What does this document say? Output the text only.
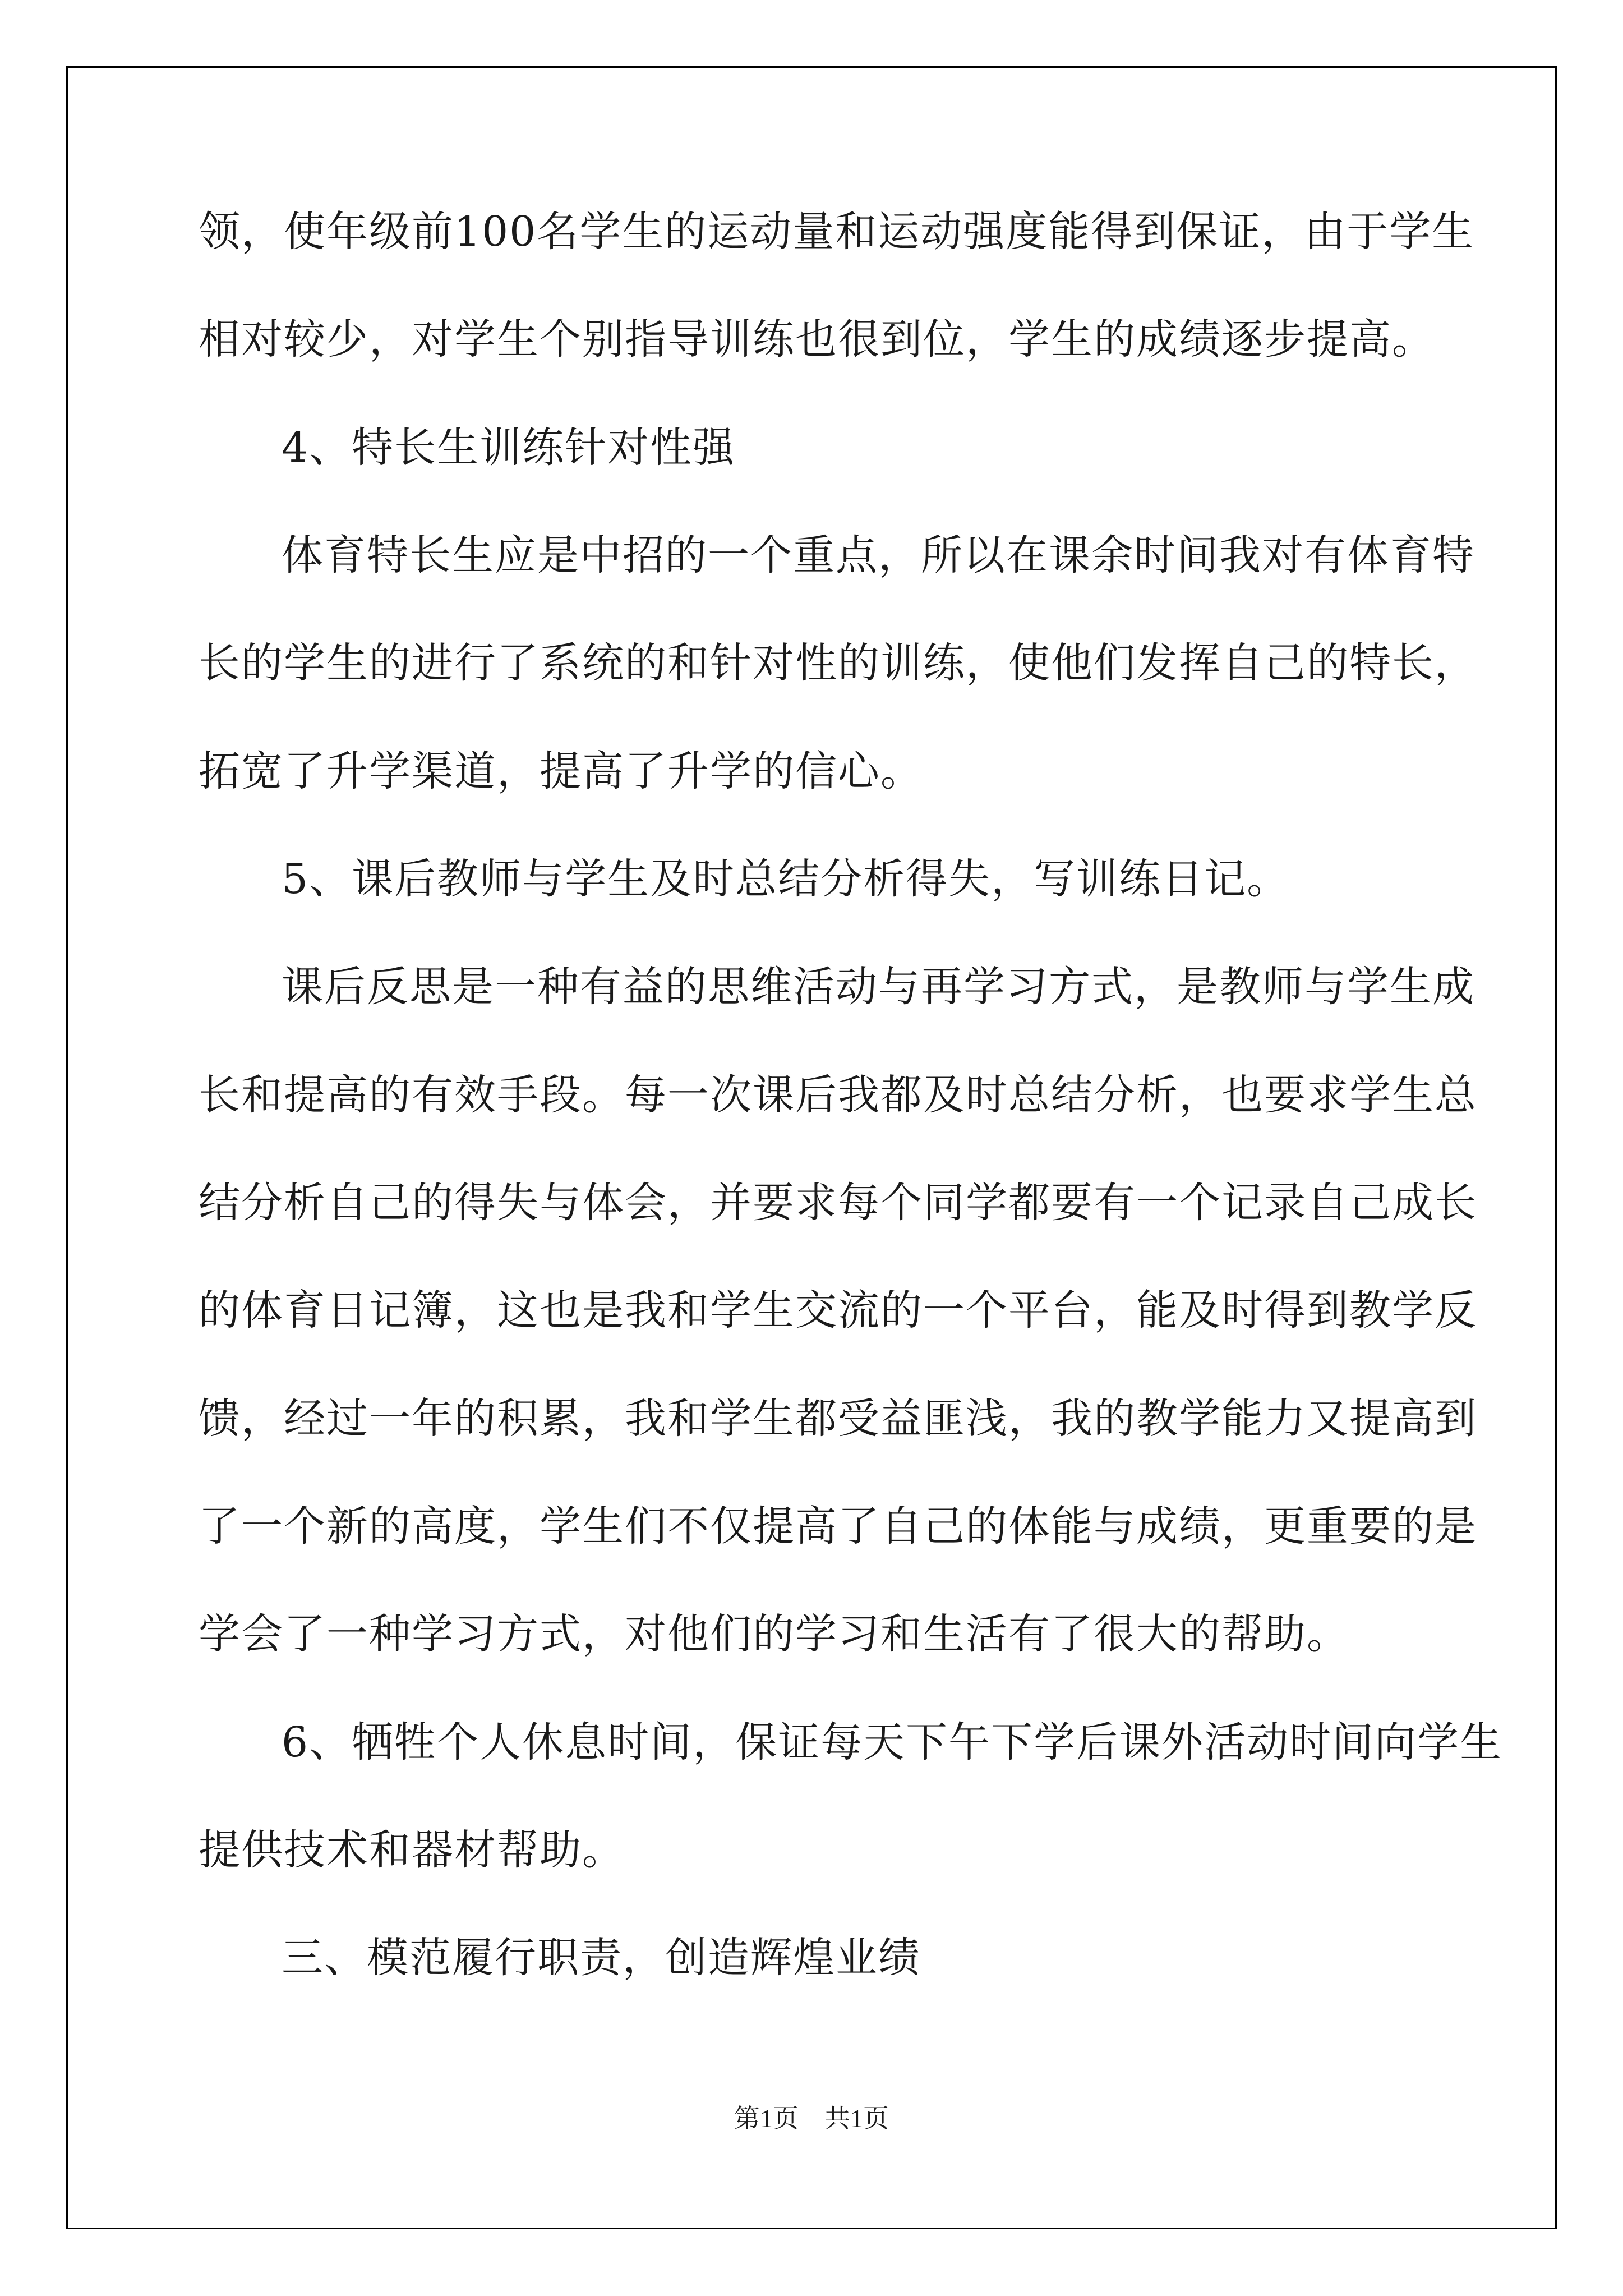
领，使年级前100名学生的运动量和运动强度能得到保证，由于学生
相对较少，对学生个别指导训练也很到位，学生的成绩逐步提高。
4、特长生训练针对性强
体育特长生应是中招的一个重点，所以在课余时间我对有体育特
长的学生的进行了系统的和针对性的训练，使他们发挥自己的特长，
拓宽了升学渠道，提高了升学的信心。
5、课后教师与学生及时总结分析得失，写训练日记。
课后反思是一种有益的思维活动与再学习方式，是教师与学生成
长和提高的有效手段。每一次课后我都及时总结分析，也要求学生总
结分析自己的得失与体会，并要求每个同学都要有一个记录自己成长
的体育日记簿，这也是我和学生交流的一个平台，能及时得到教学反
馈，经过一年的积累，我和学生都受益匪浅，我的教学能力又提高到
了一个新的高度，学生们不仅提高了自己的体能与成绩，更重要的是
学会了一种学习方式，对他们的学习和生活有了很大的帮助。
6、牺牲个人休息时间，保证每天下午下学后课外活动时间向学生
提供技术和器材帮助。
三、模范履行职责，创造辉煌业绩
第1页　共1页
